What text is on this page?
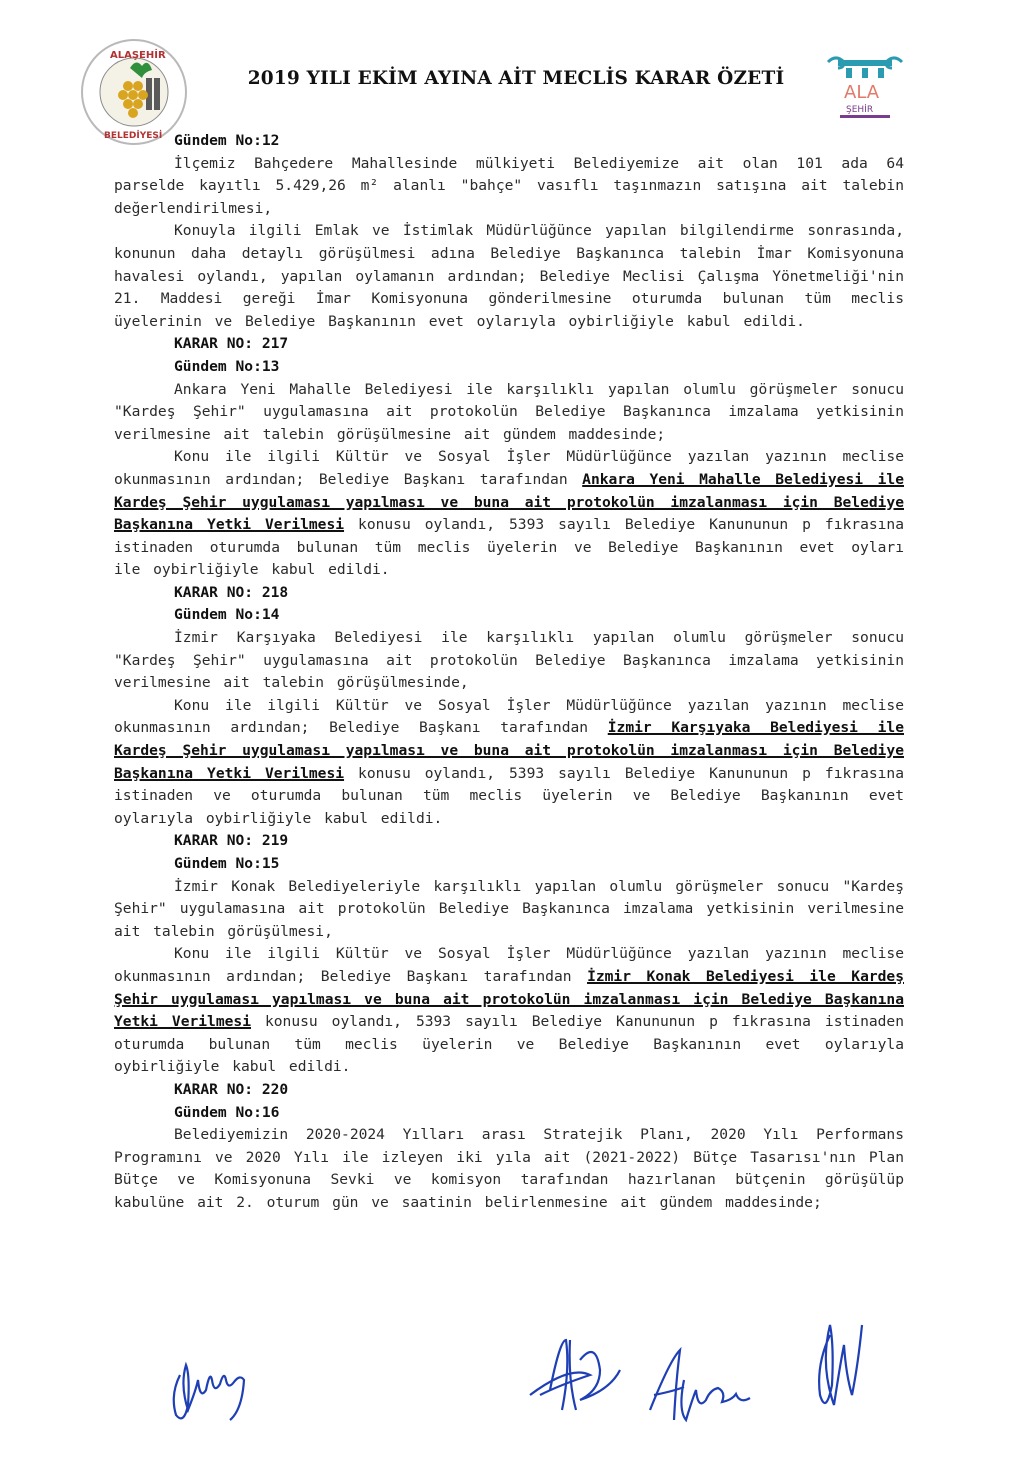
ALAŞEHİR
BELEDİYESİ
2019 YILI EKİM AYINA AİT MECLİS KARAR ÖZETİ
ALA
ŞEHİR
Gündem No:12

İlçemiz Bahçedere Mahallesinde mülkiyeti Belediyemize ait olan 101 ada 64 parselde kayıtlı 5.429,26 m² alanlı "bahçe" vasıflı taşınmazın satışına ait talebin değerlendirilmesi,

Konuyla ilgili Emlak ve İstimlak Müdürlüğünce yapılan bilgilendirme sonrasında, konunun daha detaylı görüşülmesi adına Belediye Başkanınca talebin İmar Komisyonuna havalesi oylandı, yapılan oylamanın ardından; Belediye Meclisi Çalışma Yönetmeliği'nin 21. Maddesi gereği İmar Komisyonuna gönderilmesine oturumda bulunan tüm meclis üyelerinin ve Belediye Başkanının evet oylarıyla oybirliğiyle kabul edildi.

KARAR NO: 217
Gündem No:13

Ankara Yeni Mahalle Belediyesi ile karşılıklı yapılan olumlu görüşmeler sonucu "Kardeş Şehir" uygulamasına ait protokolün Belediye Başkanınca imzalama yetkisinin verilmesine ait talebin görüşülmesine ait gündem maddesinde;

Konu ile ilgili Kültür ve Sosyal İşler Müdürlüğünce yazılan yazının meclise okunmasının ardından; Belediye Başkanı tarafından Ankara Yeni Mahalle Belediyesi ile Kardeş Şehir uygulaması yapılması ve buna ait protokolün imzalanması için Belediye Başkanına Yetki Verilmesi konusu oylandı, 5393 sayılı Belediye Kanununun p fıkrasına istinaden oturumda bulunan tüm meclis üyelerin ve Belediye Başkanının evet oyları ile oybirliğiyle kabul edildi.

KARAR NO: 218
Gündem No:14

İzmir Karşıyaka Belediyesi ile karşılıklı yapılan olumlu görüşmeler sonucu "Kardeş Şehir" uygulamasına ait protokolün Belediye Başkanınca imzalama yetkisinin verilmesine ait talebin görüşülmesinde,

Konu ile ilgili Kültür ve Sosyal İşler Müdürlüğünce yazılan yazının meclise okunmasının ardından; Belediye Başkanı tarafından İzmir Karşıyaka Belediyesi ile Kardeş Şehir uygulaması yapılması ve buna ait protokolün imzalanması için Belediye Başkanına Yetki Verilmesi konusu oylandı, 5393 sayılı Belediye Kanununun p fıkrasına istinaden ve oturumda bulunan tüm meclis üyelerin ve Belediye Başkanının evet oylarıyla oybirliğiyle kabul edildi.

KARAR NO: 219
Gündem No:15

İzmir Konak Belediyeleriyle karşılıklı yapılan olumlu görüşmeler sonucu "Kardeş Şehir" uygulamasına ait protokolün Belediye Başkanınca imzalama yetkisinin verilmesine ait talebin görüşülmesi,

Konu ile ilgili Kültür ve Sosyal İşler Müdürlüğünce yazılan yazının meclise okunmasının ardından; Belediye Başkanı tarafından İzmir Konak Belediyesi ile Kardeş Şehir uygulaması yapılması ve buna ait protokolün imzalanması için Belediye Başkanına Yetki Verilmesi konusu oylandı, 5393 sayılı Belediye Kanununun p fıkrasına istinaden oturumda bulunan tüm meclis üyelerin ve Belediye Başkanının evet oylarıyla oybirliğiyle kabul edildi.

KARAR NO: 220
Gündem No:16

Belediyemizin 2020-2024 Yılları arası Stratejik Planı, 2020 Yılı Performans Programını ve 2020 Yılı ile izleyen iki yıla ait (2021-2022) Bütçe Tasarısı'nın Plan Bütçe ve Komisyonuna Sevki ve komisyon tarafından hazırlanan bütçenin görüşülüp kabulüne ait 2. oturum gün ve saatinin belirlenmesine ait gündem maddesinde;
